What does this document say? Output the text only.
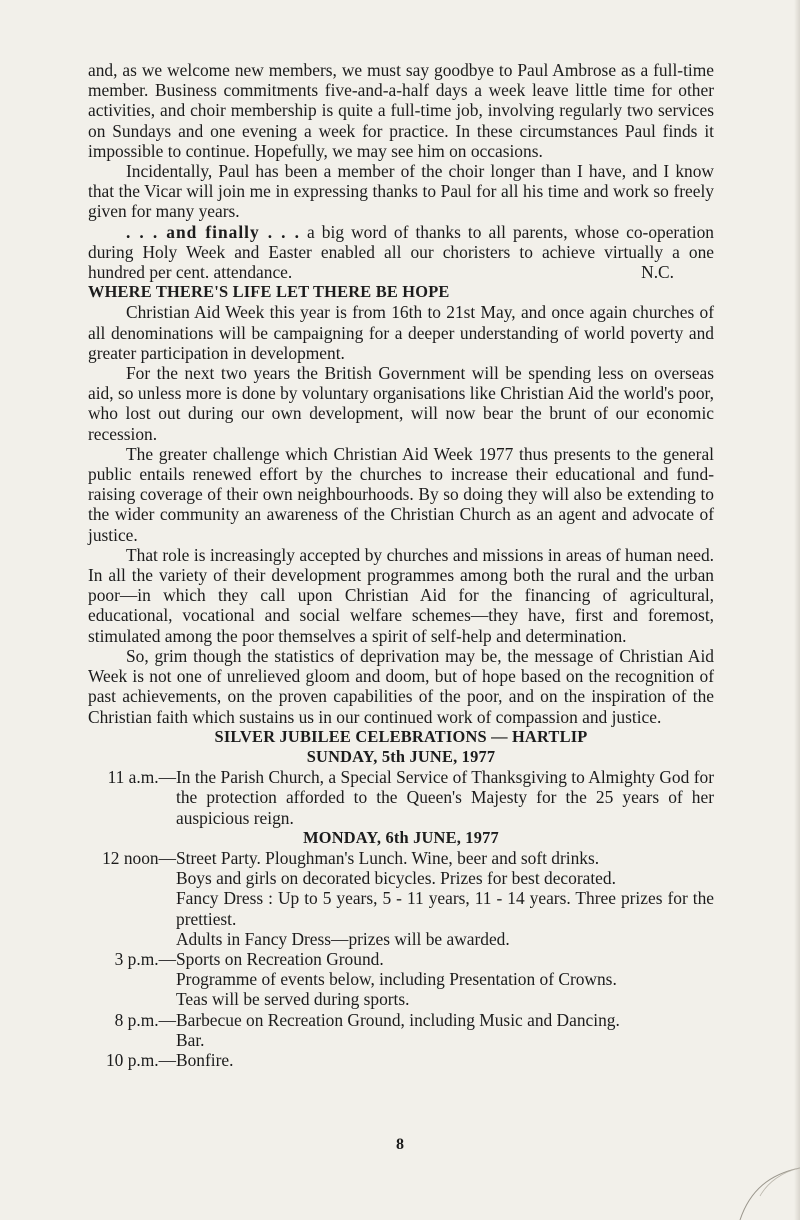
and, as we welcome new members, we must say goodbye to Paul Ambrose as a full-time member. Business commitments five-and-a-half days a week leave little time for other activities, and choir membership is quite a full-time job, involving regularly two services on Sundays and one evening a week for practice. In these circumstances Paul finds it impossible to continue. Hopefully, we may see him on occasions.

Incidentally, Paul has been a member of the choir longer than I have, and I know that the Vicar will join me in expressing thanks to Paul for all his time and work so freely given for many years.

. . . and finally . . . a big word of thanks to all parents, whose co-operation during Holy Week and Easter enabled all our choristers to achieve virtually a one hundred per cent. attendance.	N.C.

WHERE THERE'S LIFE LET THERE BE HOPE

Christian Aid Week this year is from 16th to 21st May, and once again churches of all denominations will be campaigning for a deeper understanding of world poverty and greater participation in development.

For the next two years the British Government will be spending less on overseas aid, so unless more is done by voluntary organisations like Christian Aid the world's poor, who lost out during our own development, will now bear the brunt of our economic recession.

The greater challenge which Christian Aid Week 1977 thus presents to the general public entails renewed effort by the churches to increase their educational and fund-raising coverage of their own neighbourhoods. By so doing they will also be extending to the wider community an awareness of the Christian Church as an agent and advocate of justice.

That role is increasingly accepted by churches and missions in areas of human need. In all the variety of their development programmes among both the rural and the urban poor—in which they call upon Christian Aid for the financing of agricultural, educational, vocational and social welfare schemes—they have, first and foremost, stimulated among the poor themselves a spirit of self-help and determination.

So, grim though the statistics of deprivation may be, the message of Christian Aid Week is not one of unrelieved gloom and doom, but of hope based on the recognition of past achievements, on the proven capabilities of the poor, and on the inspiration of the Christian faith which sustains us in our continued work of compassion and justice.

SILVER JUBILEE CELEBRATIONS — HARTLIP
SUNDAY, 5th JUNE, 1977
11 a.m.— In the Parish Church, a Special Service of Thanksgiving to Almighty God for the protection afforded to the Queen's Majesty for the 25 years of her auspicious reign.

MONDAY, 6th JUNE, 1977
12 noon— Street Party. Ploughman's Lunch. Wine, beer and soft drinks.

Boys and girls on decorated bicycles. Prizes for best decorated.

Fancy Dress : Up to 5 years, 5 - 11 years, 11 - 14 years. Three prizes for the prettiest.

Adults in Fancy Dress—prizes will be awarded.

3 p.m.— Sports on Recreation Ground.

Programme of events below, including Presentation of Crowns.

Teas will be served during sports.

8 p.m.— Barbecue on Recreation Ground, including Music and Dancing.

Bar.

10 p.m.— Bonfire.

8
